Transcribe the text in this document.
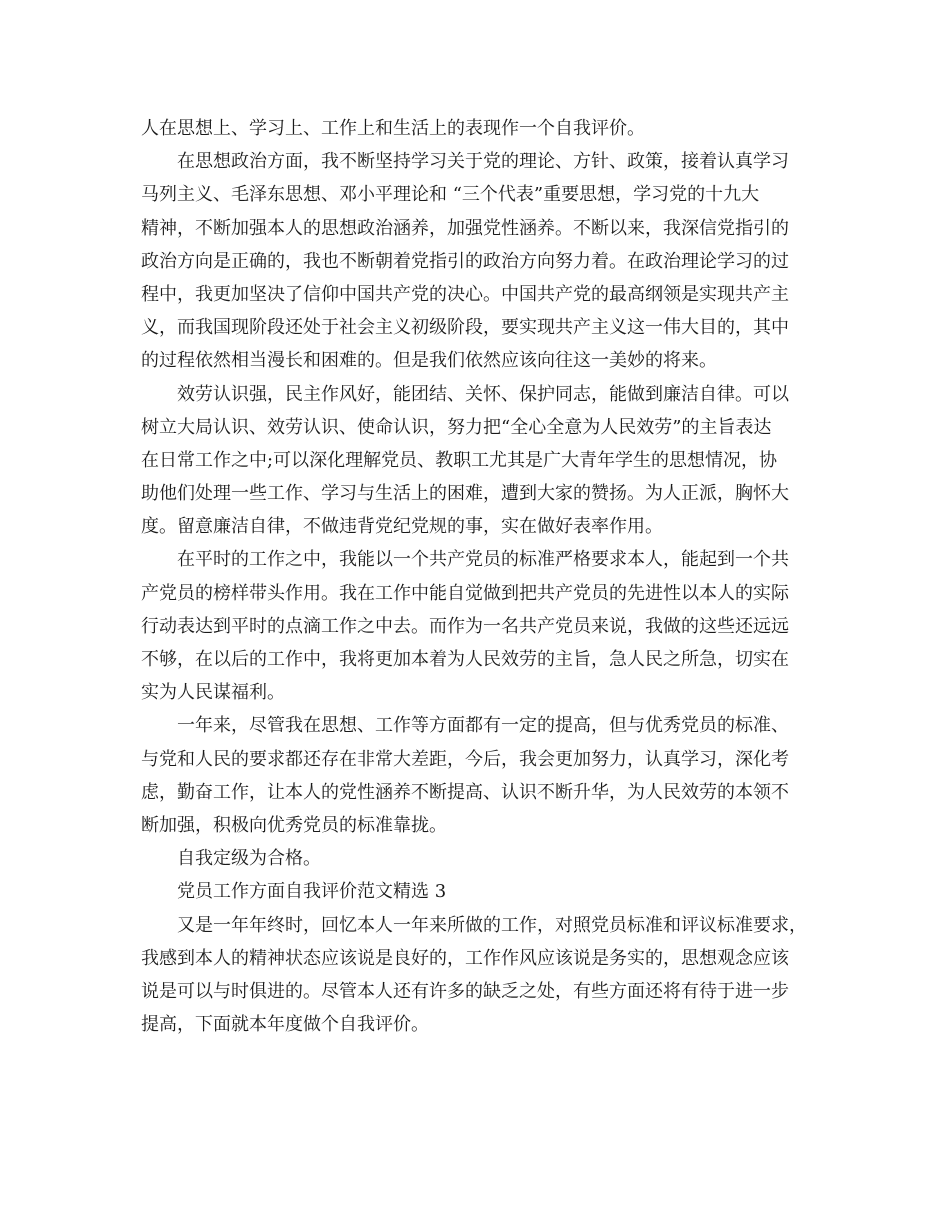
人在思想上、学习上、工作上和生活上的表现作一个自我评价。
在思想政治方面，我不断坚持学习关于党的理论、方针、政策，接着认真学习
马列主义、毛泽东思想、邓小平理论和 “三个代表”重要思想，学习党的十九大
精神，不断加强本人的思想政治涵养，加强党性涵养。不断以来，我深信党指引的
政治方向是正确的，我也不断朝着党指引的政治方向努力着。在政治理论学习的过
程中，我更加坚决了信仰中国共产党的决心。中国共产党的最高纲领是实现共产主
义，而我国现阶段还处于社会主义初级阶段，要实现共产主义这一伟大目的，其中
的过程依然相当漫长和困难的。但是我们依然应该向往这一美妙的将来。
效劳认识强，民主作风好，能团结、关怀、保护同志，能做到廉洁自律。可以
树立大局认识、效劳认识、使命认识，努力把“全心全意为人民效劳”的主旨表达
在日常工作之中;可以深化理解党员、教职工尤其是广大青年学生的思想情况，协
助他们处理一些工作、学习与生活上的困难，遭到大家的赞扬。为人正派，胸怀大
度。留意廉洁自律，不做违背党纪党规的事，实在做好表率作用。
在平时的工作之中，我能以一个共产党员的标准严格要求本人，能起到一个共
产党员的榜样带头作用。我在工作中能自觉做到把共产党员的先进性以本人的实际
行动表达到平时的点滴工作之中去。而作为一名共产党员来说，我做的这些还远远
不够，在以后的工作中，我将更加本着为人民效劳的主旨，急人民之所急，切实在
实为人民谋福利。
一年来，尽管我在思想、工作等方面都有一定的提高，但与优秀党员的标准、
与党和人民的要求都还存在非常大差距，今后，我会更加努力，认真学习，深化考
虑，勤奋工作，让本人的党性涵养不断提高、认识不断升华，为人民效劳的本领不
断加强，积极向优秀党员的标准靠拢。
自我定级为合格。
党员工作方面自我评价范文精选 3
又是一年年终时，回忆本人一年来所做的工作，对照党员标准和评议标准要求，
我感到本人的精神状态应该说是良好的，工作作风应该说是务实的，思想观念应该
说是可以与时俱进的。尽管本人还有许多的缺乏之处，有些方面还将有待于进一步
提高，下面就本年度做个自我评价。
